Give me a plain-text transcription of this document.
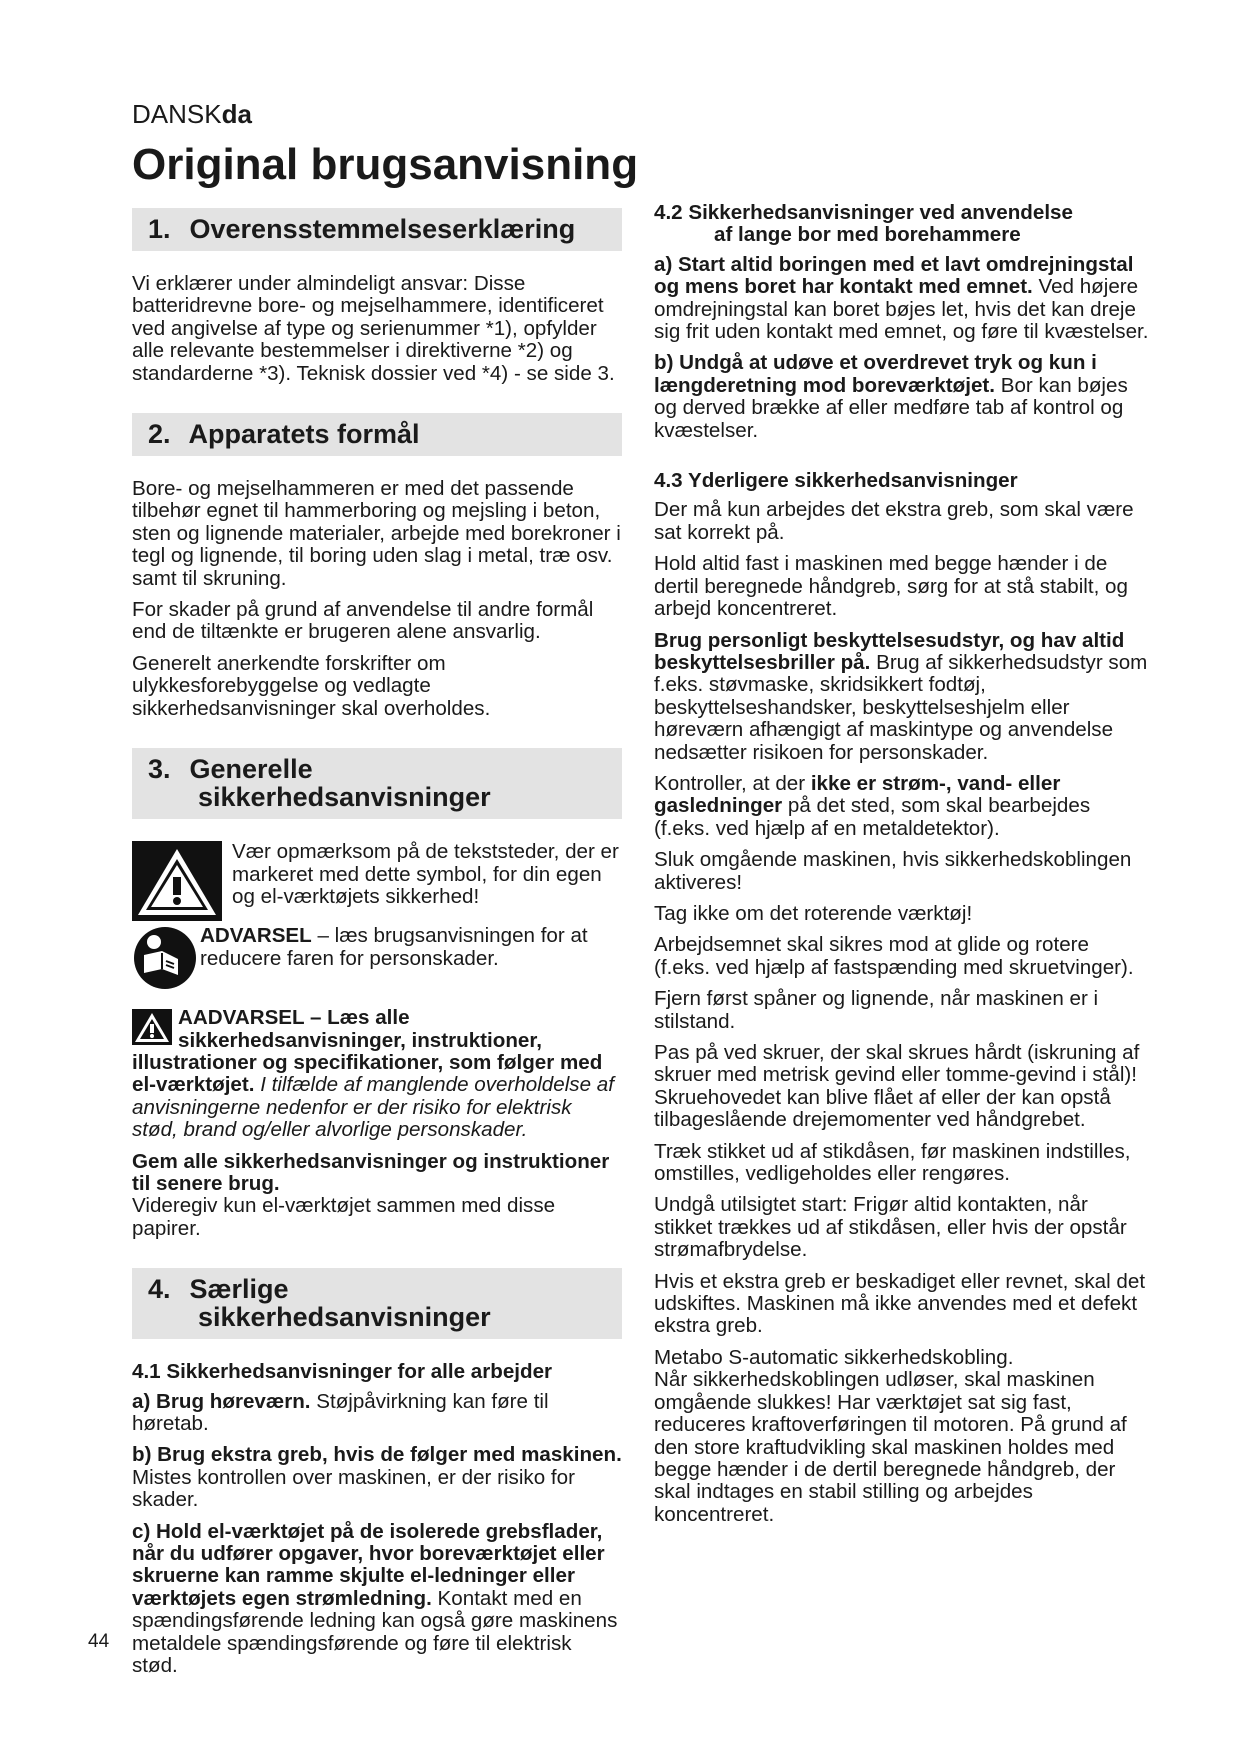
DANSKda
Original brugsanvisning
1. Overensstemmelseserklæring

Vi erklærer under almindeligt ansvar: Disse batteridrevne bore- og mejselhammere, identificeret ved angivelse af type og serienummer *1), opfylder alle relevante bestemmelser i direktiverne *2) og standarderne *3). Teknisk dossier ved *4) - se side 3.

2. Apparatets formål

Bore- og mejselhammeren er med det passende tilbehør egnet til hammerboring og mejsling i beton, sten og lignende materialer, arbejde med borekroner i tegl og lignende, til boring uden slag i metal, træ osv. samt til skruning.

For skader på grund af anvendelse til andre formål end de tiltænkte er brugeren alene ansvarlig.

Generelt anerkendte forskrifter om ulykkesforebyggelse og vedlagte sikkerhedsanvisninger skal overholdes.

3. Generelle
sikkerhedsanvisninger

Vær opmærksom på de tekststeder, der er markeret med dette symbol, for din egen og el-værktøjets sikkerhed!

ADVARSEL – læs brugsanvisningen for at reducere faren for personskader.

AADVARSEL – Læs alle sikkerhedsanvisninger, instruktioner, illustrationer og specifikationer, som følger med el-værktøjet. I tilfælde af manglende overholdelse af anvisningerne nedenfor er der risiko for elektrisk stød, brand og/eller alvorlige personskader.

Gem alle sikkerhedsanvisninger og instruktioner til senere brug.

Videregiv kun el-værktøjet sammen med disse papirer.

4. Særlige
sikkerhedsanvisninger
4.1 Sikkerhedsanvisninger for alle arbejder

a) Brug høreværn. Støjpåvirkning kan føre til høretab.

b) Brug ekstra greb, hvis de følger med maskinen. Mistes kontrollen over maskinen, er der risiko for skader.

c) Hold el-værktøjet på de isolerede grebsflader, når du udfører opgaver, hvor boreværktøjet eller skruerne kan ramme skjulte el-ledninger eller værktøjets egen strømledning. Kontakt med en spændingsførende ledning kan også gøre maskinens metaldele spændingsførende og føre til elektrisk stød.

4.2 Sikkerhedsanvisninger ved anvendelse
af lange bor med borehammere

a) Start altid boringen med et lavt omdrejningstal og mens boret har kontakt med emnet. Ved højere omdrejningstal kan boret bøjes let, hvis det kan dreje sig frit uden kontakt med emnet, og føre til kvæstelser.

b) Undgå at udøve et overdrevet tryk og kun i længderetning mod boreværktøjet. Bor kan bøjes og derved brække af eller medføre tab af kontrol og kvæstelser.

4.3 Yderligere sikkerhedsanvisninger

Der må kun arbejdes det ekstra greb, som skal være sat korrekt på.

Hold altid fast i maskinen med begge hænder i de dertil beregnede håndgreb, sørg for at stå stabilt, og arbejd koncentreret.

Brug personligt beskyttelsesudstyr, og hav altid beskyttelsesbriller på. Brug af sikkerhedsudstyr som f.eks. støvmaske, skridsikkert fodtøj, beskyttelseshandsker, beskyttelseshjelm eller høreværn afhængigt af maskintype og anvendelse nedsætter risikoen for personskader.

Kontroller, at der ikke er strøm-, vand- eller gasledninger på det sted, som skal bearbejdes (f.eks. ved hjælp af en metaldetektor).

Sluk omgående maskinen, hvis sikkerhedskoblingen aktiveres!

Tag ikke om det roterende værktøj!

Arbejdsemnet skal sikres mod at glide og rotere (f.eks. ved hjælp af fastspænding med skruetvinger).

Fjern først spåner og lignende, når maskinen er i stilstand.

Pas på ved skruer, der skal skrues hårdt (iskruning af skruer med metrisk gevind eller tomme-gevind i stål)! Skruehovedet kan blive flået af eller der kan opstå tilbageslående drejemomenter ved håndgrebet.

Træk stikket ud af stikdåsen, før maskinen indstilles, omstilles, vedligeholdes eller rengøres.

Undgå utilsigtet start: Frigør altid kontakten, når stikket trækkes ud af stikdåsen, eller hvis der opstår strømafbrydelse.

Hvis et ekstra greb er beskadiget eller revnet, skal det udskiftes. Maskinen må ikke anvendes med et defekt ekstra greb.

Metabo S-automatic sikkerhedskobling.

Når sikkerhedskoblingen udløser, skal maskinen omgående slukkes! Har værktøjet sat sig fast, reduceres kraftoverføringen til motoren. På grund af den store kraftudvikling skal maskinen holdes med begge hænder i de dertil beregnede håndgreb, der skal indtages en stabil stilling og arbejdes koncentreret.

44
